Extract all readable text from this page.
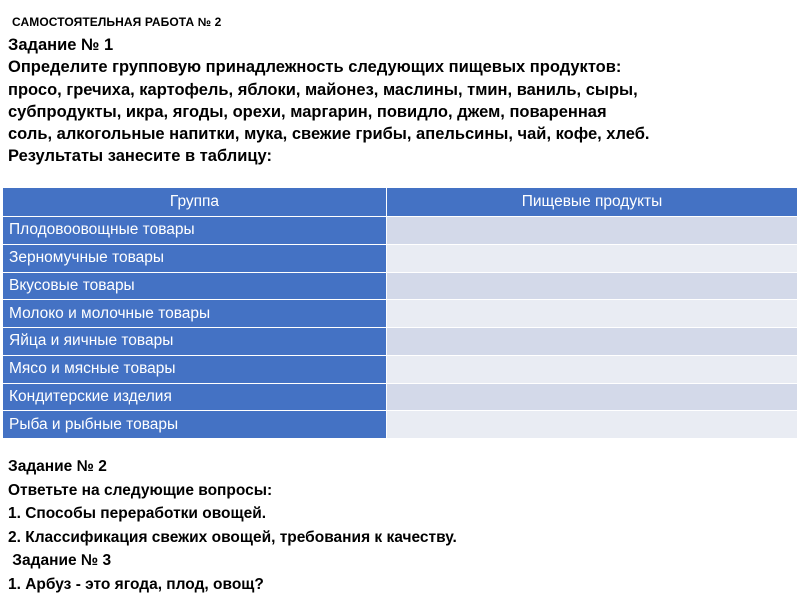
САМОСТОЯТЕЛЬНАЯ РАБОТА № 2

Задание № 1

Определите групповую принадлежность следующих пищевых продуктов:
просо, гречиха, картофель, яблоки, майонез, маслины, тмин, ваниль, сыры,
субпродукты, икра, ягоды, орехи, маргарин, повидло, джем, поваренная
соль, алкогольные напитки, мука, свежие грибы, апельсины, чай, кофе, хлеб.
Результаты занесите в таблицу:

Группа	Пищевые продукты
Плодовоовощные товары	
Зерномучные товары	
Вкусовые товары	
Молоко и молочные товары	
Яйца и яичные товары	
Мясо и мясные товары	
Кондитерские изделия	
Рыба и рыбные товары	
Задание № 2
Ответьте на следующие вопросы:
1. Способы переработки овощей.
2. Классификация свежих овощей, требования к качеству.
Задание № 3
1. Арбуз - это ягода, плод, овощ?
